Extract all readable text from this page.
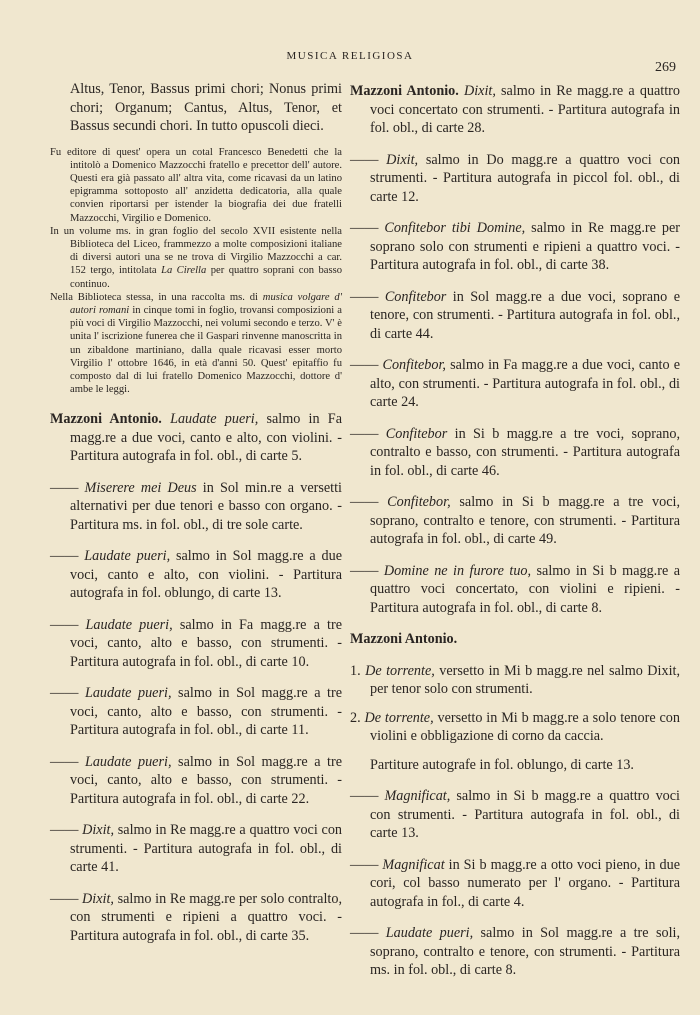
MUSICA RELIGIOSA
269
Altus, Tenor, Bassus primi chori; Nonus primi chori; Organum; Cantus, Altus, Tenor, et Bassus secundi chori. In tutto opuscoli dieci.

Fu editore di quest' opera un cotal Francesco Benedetti che la intitolò a Domenico Mazzocchi fratello e precettor dell' autore. Questi era già passato all' altra vita, come ricavasi da un latino epigramma sottoposto all' anzidetta dedicatoria, alla quale convien riportarsi per istender la biografia dei due fratelli Mazzocchi, Virgilio e Domenico.

In un volume ms. in gran foglio del secolo XVII esistente nella Biblioteca del Liceo, frammezzo a molte composizioni italiane di diversi autori una se ne trova di Virgilio Mazzocchi a car. 152 tergo, intitolata La Cirella per quattro soprani con basso continuo.

Nella Biblioteca stessa, in una raccolta ms. di musica volgare d' autori romani in cinque tomi in foglio, trovansi composizioni a più voci di Virgilio Mazzocchi, nei volumi secondo e terzo. V' è unita l' iscrizione funerea che il Gaspari rinvenne manoscritta in un zibaldone martiniano, dalla quale ricavasi esser morto Virgilio l' ottobre 1646, in età d'anni 50. Quest' epitaffio fu composto dal di lui fratello Domenico Mazzocchi, dottore d' ambe le leggi.

Mazzoni Antonio. Laudate pueri, salmo in Fa magg.re a due voci, canto e alto, con violini. - Partitura autografa in fol. obl., di carte 5.
—— Miserere mei Deus in Sol min.re a versetti alternativi per due tenori e basso con organo. - Partitura ms. in fol. obl., di tre sole carte.
—— Laudate pueri, salmo in Sol magg.re a due voci, canto e alto, con violini. - Partitura autografa in fol. oblungo, di carte 13.
—— Laudate pueri, salmo in Fa magg.re a tre voci, canto, alto e basso, con strumenti. - Partitura autografa in fol. obl., di carte 10.
—— Laudate pueri, salmo in Sol magg.re a tre voci, canto, alto e basso, con strumenti. - Partitura autografa in fol. obl., di carte 11.
—— Laudate pueri, salmo in Sol magg.re a tre voci, canto, alto e basso, con strumenti. - Partitura autografa in fol. obl., di carte 22.
—— Dixit, salmo in Re magg.re a quattro voci con strumenti. - Partitura autografa in fol. obl., di carte 41.
—— Dixit, salmo in Re magg.re per solo contralto, con strumenti e ripieni a quattro voci. - Partitura autografa in fol. obl., di carte 35.
Mazzoni Antonio. Dixit, salmo in Re magg.re a quattro voci concertato con strumenti. - Partitura autografa in fol. obl., di carte 28.
—— Dixit, salmo in Do magg.re a quattro voci con strumenti. - Partitura autografa in piccol fol. obl., di carte 12.
—— Confitebor tibi Domine, salmo in Re magg.re per soprano solo con strumenti e ripieni a quattro voci. - Partitura autografa in fol. obl., di carte 38.
—— Confitebor in Sol magg.re a due voci, soprano e tenore, con strumenti. - Partitura autografa in fol. obl., di carte 44.
—— Confitebor, salmo in Fa magg.re a due voci, canto e alto, con strumenti. - Partitura autografa in fol. obl., di carte 24.
—— Confitebor in Si b magg.re a tre voci, soprano, contralto e basso, con strumenti. - Partitura autografa in fol. obl., di carte 46.
—— Confitebor, salmo in Si b magg.re a tre voci, soprano, contralto e tenore, con strumenti. - Partitura autografa in fol. obl., di carte 49.
—— Domine ne in furore tuo, salmo in Si b magg.re a quattro voci concertato, con violini e ripieni. - Partitura autografa in fol. obl., di carte 8.
Mazzoni Antonio.
1. De torrente, versetto in Mi b magg.re nel salmo Dixit, per tenor solo con strumenti.
2. De torrente, versetto in Mi b magg.re a solo tenore con violini e obbligazione di corno da caccia.
Partiture autografe in fol. oblungo, di carte 13.
—— Magnificat, salmo in Si b magg.re a quattro voci con strumenti. - Partitura autografa in fol. obl., di carte 13.
—— Magnificat in Si b magg.re a otto voci pieno, in due cori, col basso numerato per l' organo. - Partitura autografa in fol., di carte 4.
—— Laudate pueri, salmo in Sol magg.re a tre soli, soprano, contralto e tenore, con strumenti. - Partitura ms. in fol. obl., di carte 8.
